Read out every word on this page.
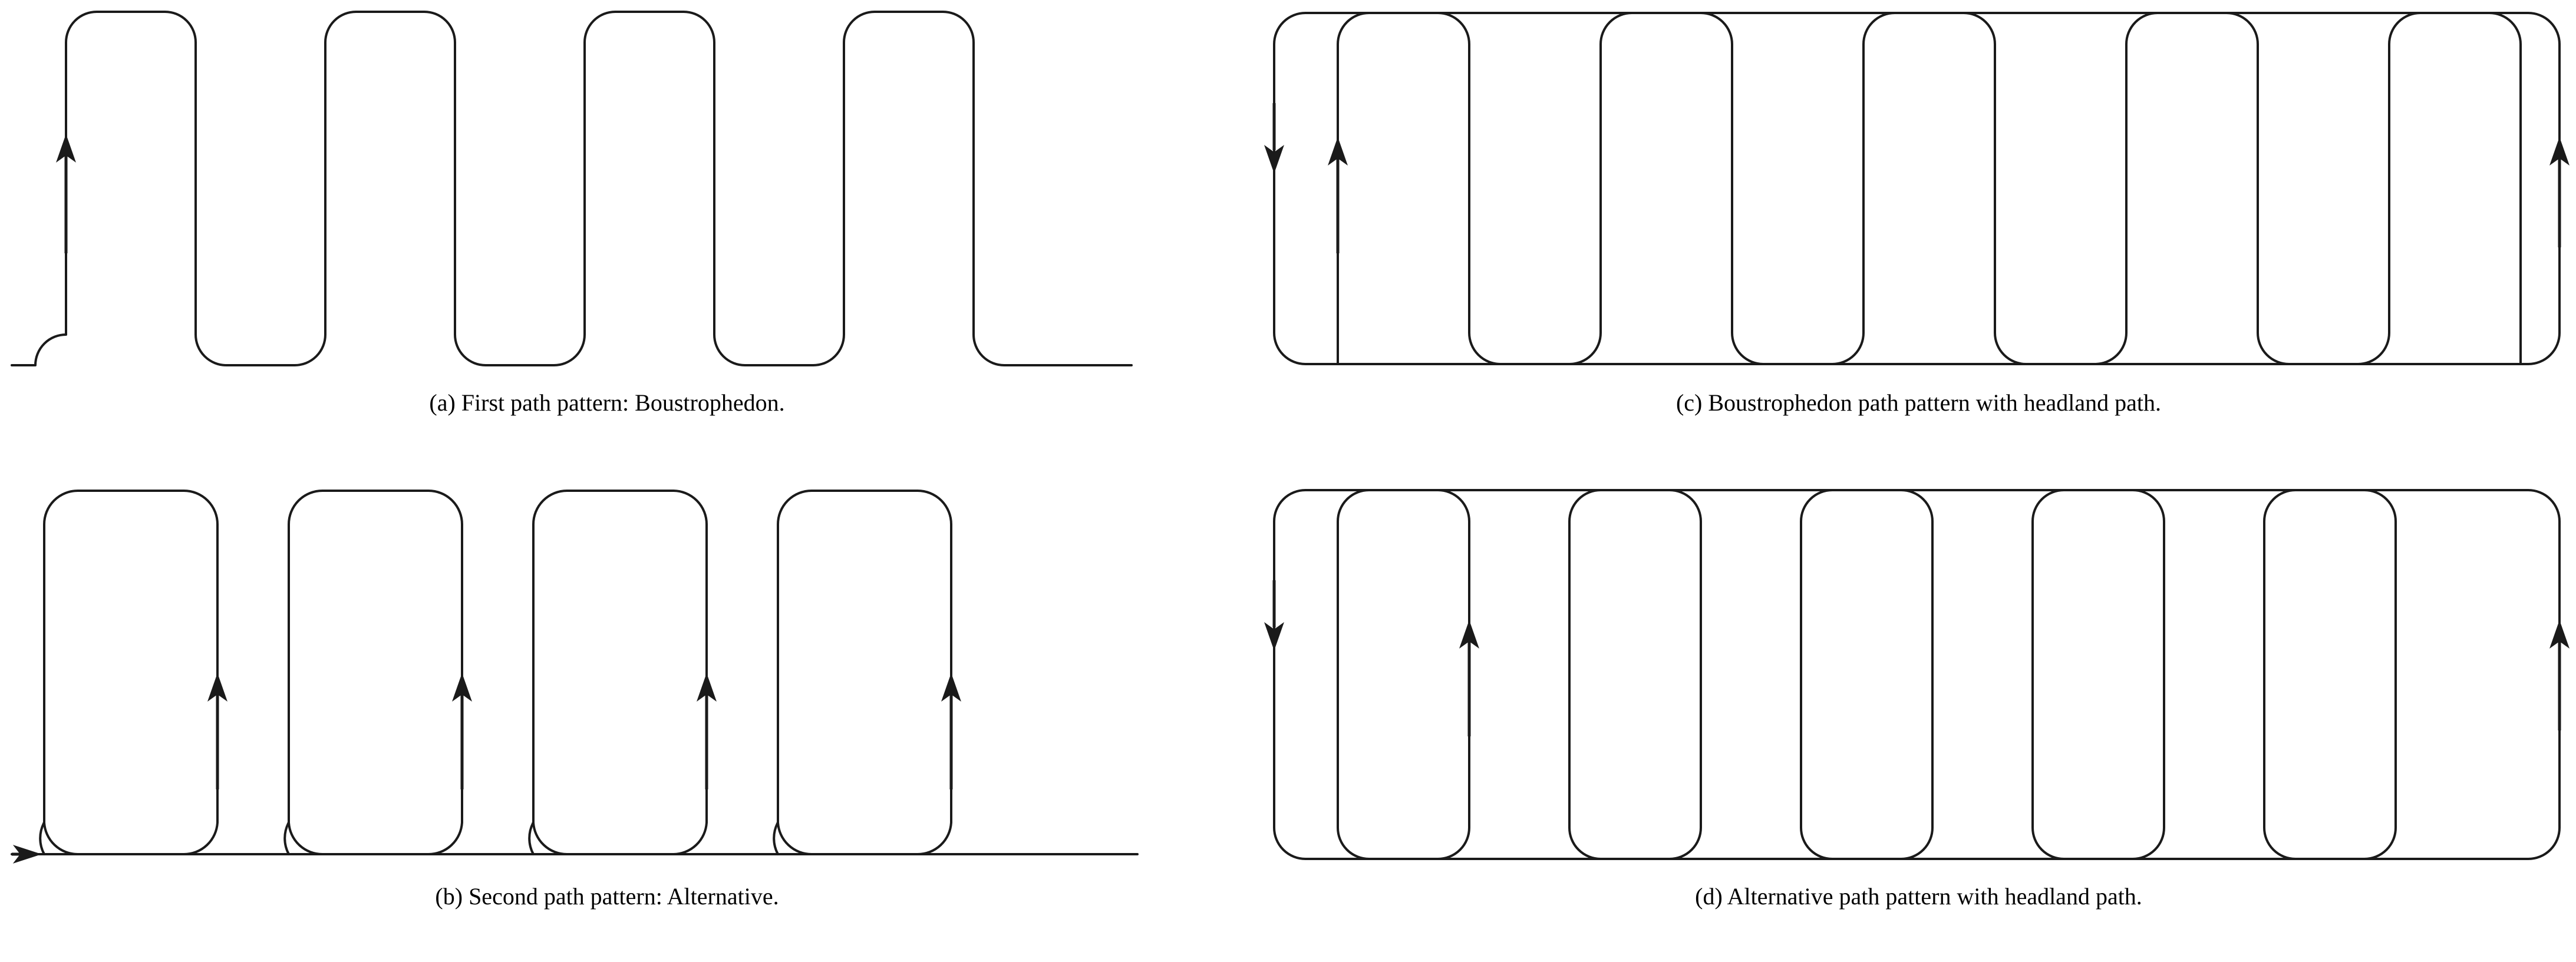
(a) First path pattern: Boustrophedon.
(b) Second path pattern: Alternative.
(c) Boustrophedon path pattern with headland path.
(d) Alternative path pattern with headland path.
